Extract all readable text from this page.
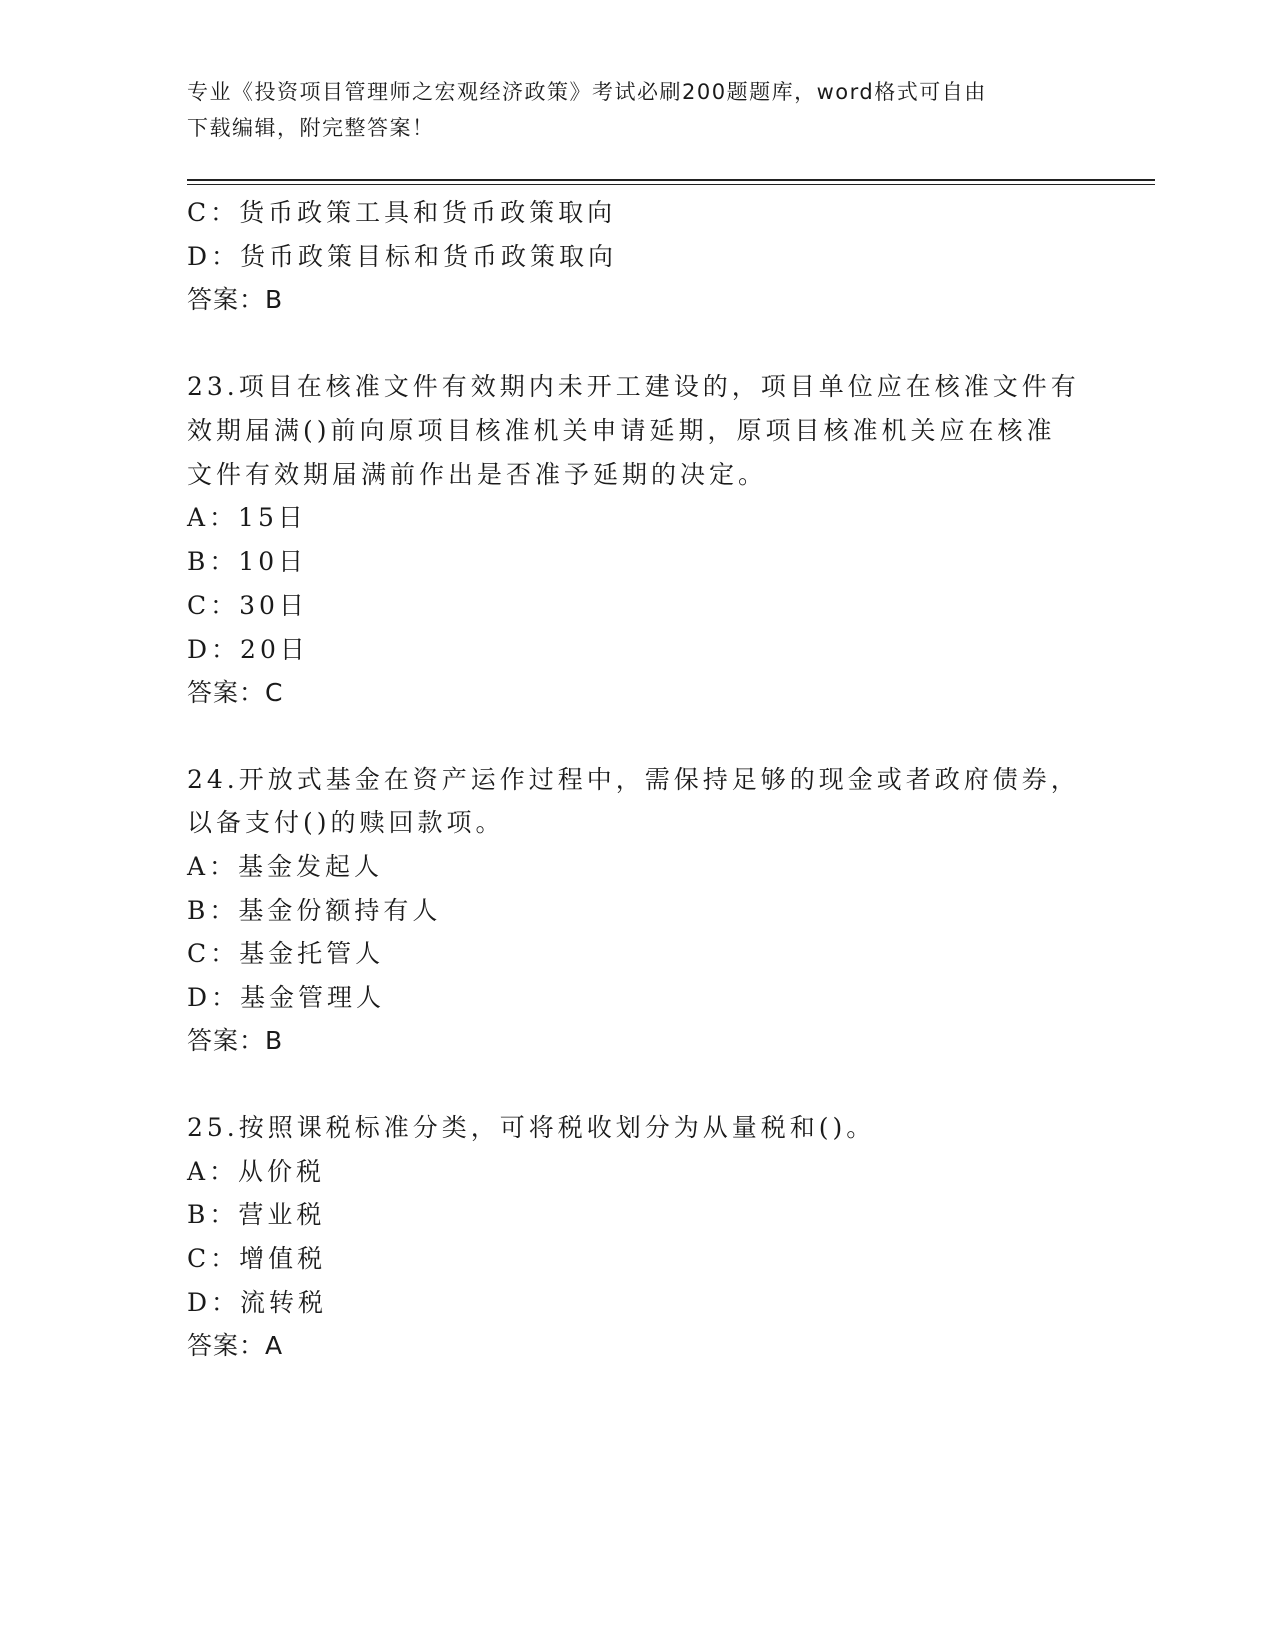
专业《投资项目管理师之宏观经济政策》考试必刷200题题库，word格式可自由
下载编辑，附完整答案！
C：货币政策工具和货币政策取向
D：货币政策目标和货币政策取向
答案：B
23.项目在核准文件有效期内未开工建设的，项目单位应在核准文件有
效期届满()前向原项目核准机关申请延期，原项目核准机关应在核准
文件有效期届满前作出是否准予延期的决定。
A：15日
B：10日
C：30日
D：20日
答案：C
24.开放式基金在资产运作过程中，需保持足够的现金或者政府债券，
以备支付()的赎回款项。
A：基金发起人
B：基金份额持有人
C：基金托管人
D：基金管理人
答案：B
25.按照课税标准分类，可将税收划分为从量税和()。
A：从价税
B：营业税
C：增值税
D：流转税
答案：A
